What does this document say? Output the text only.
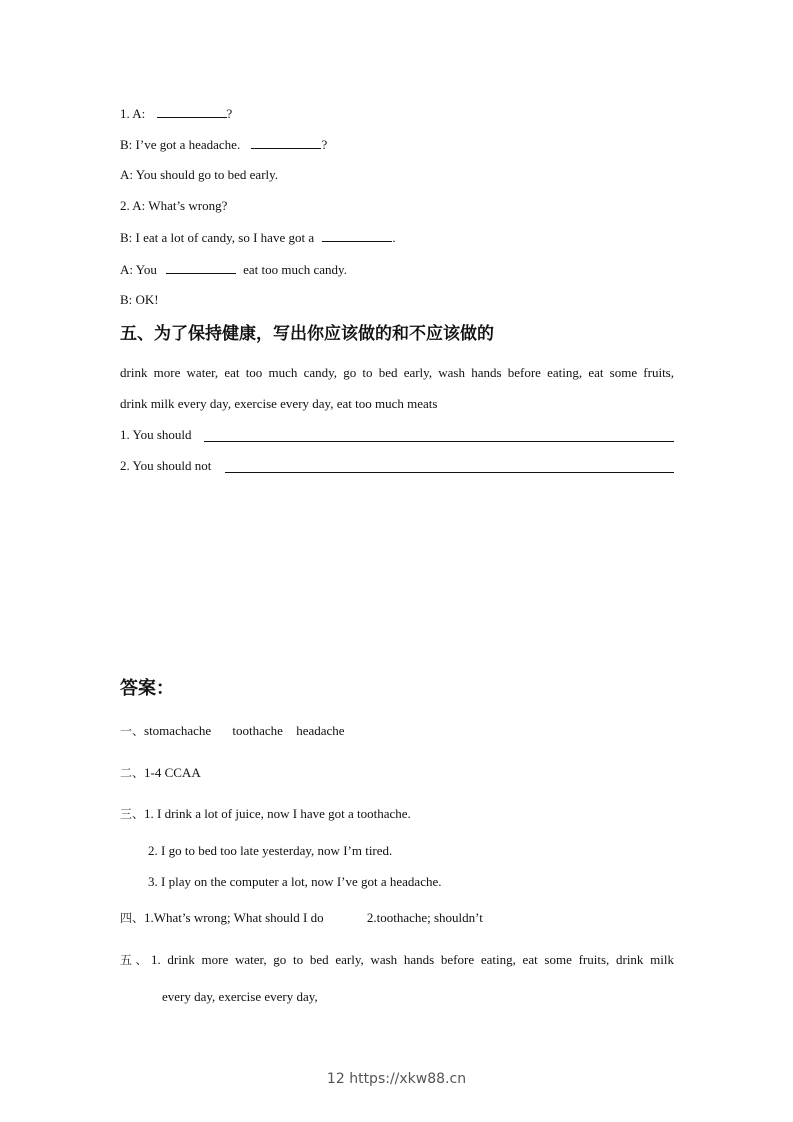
1. A:	?
B: I’ve got a headache.	?
A: You should go to bed early.
2. A: What’s wrong?
B: I eat a lot of candy, so I have got a	.
A: You	eat too much candy.
B: OK!
五、为了保持健康，写出你应该做的和不应该做的
drink more water, eat too much candy, go to bed early, wash hands before eating, eat some fruits,
drink milk every day, exercise every day, eat too much meats
1. You should
2. You should not
答案：
一、stomachache toothache headache
二、1-4 CCAA
三、1. I drink a lot of juice, now I have got a toothache.
2. I go to bed too late yesterday, now I’m tired.
3. I play on the computer a lot, now I’ve got a headache.
四、1.What’s wrong; What should I do	2.toothache; shouldn’t
五、1. drink more water, go to bed early, wash hands before eating, eat some fruits, drink milk
every day, exercise every day,
12 https://xkw88.cn
